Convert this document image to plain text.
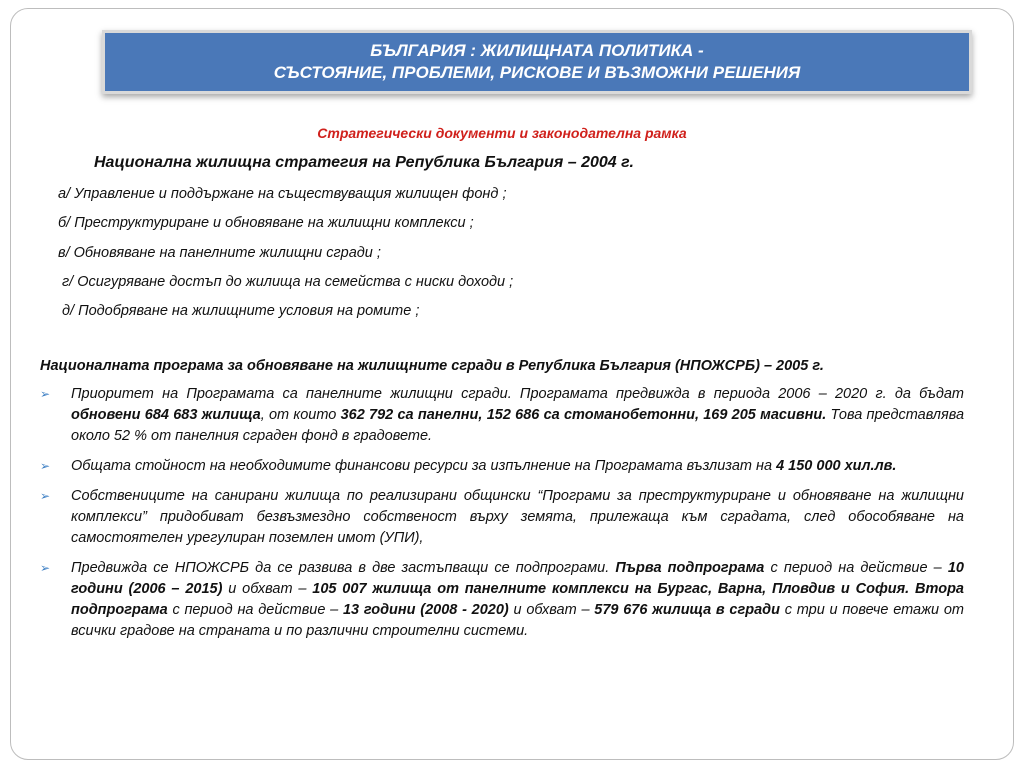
БЪЛГАРИЯ : ЖИЛИЩНАТА ПОЛИТИКА -
СЪСТОЯНИЕ, ПРОБЛЕМИ, РИСКОВЕ И ВЪЗМОЖНИ РЕШЕНИЯ
Стратегически документи и законодателна рамка
Национална жилищна стратегия на Република България – 2004 г.
а/ Управление и поддържане на съществуващия жилищен фонд ;
б/ Преструктуриране и обновяване на жилищни комплекси ;
в/ Обновяване на панелните жилищни сгради ;
г/ Осигуряване достъп до жилища на семейства с ниски доходи ;
д/ Подобряване на жилищните условия на ромите ;
Националната програма за обновяване на жилищните сгради в Република България (НПОЖСРБ) – 2005 г.
➢ Приоритет на Програмата са панелните жилищни сгради. Програмата предвижда в периода 2006 – 2020 г. да бъдат обновени 684 683 жилища, от които 362 792 са панелни, 152 686 са стоманобетонни, 169 205 масивни. Това представлява около 52 % от панелния сграден фонд в градовете.
➢ Общата стойност на необходимите финансови ресурси за изпълнение на Програмата възлизат на 4 150 000 хил.лв.
➢ Собствениците на санирани жилища по реализирани общински “Програми за преструктуриране и обновяване на жилищни комплекси” придобиват безвъзмездно собственост върху земята, прилежаща към сградата, след обособяване на самостоятелен урегулиран поземлен имот (УПИ),
➢ Предвижда се НПОЖСРБ да се развива в две застъпващи се подпрограми. Първа подпрограма с период на действие – 10 години (2006 – 2015) и обхват – 105 007 жилища от панелните комплекси на Бургас, Варна, Пловдив и София. Втора подпрограма с период на действие – 13 години (2008 - 2020) и обхват – 579 676 жилища в сгради с три и повече етажи от всички градове на страната и по различни строителни системи.
